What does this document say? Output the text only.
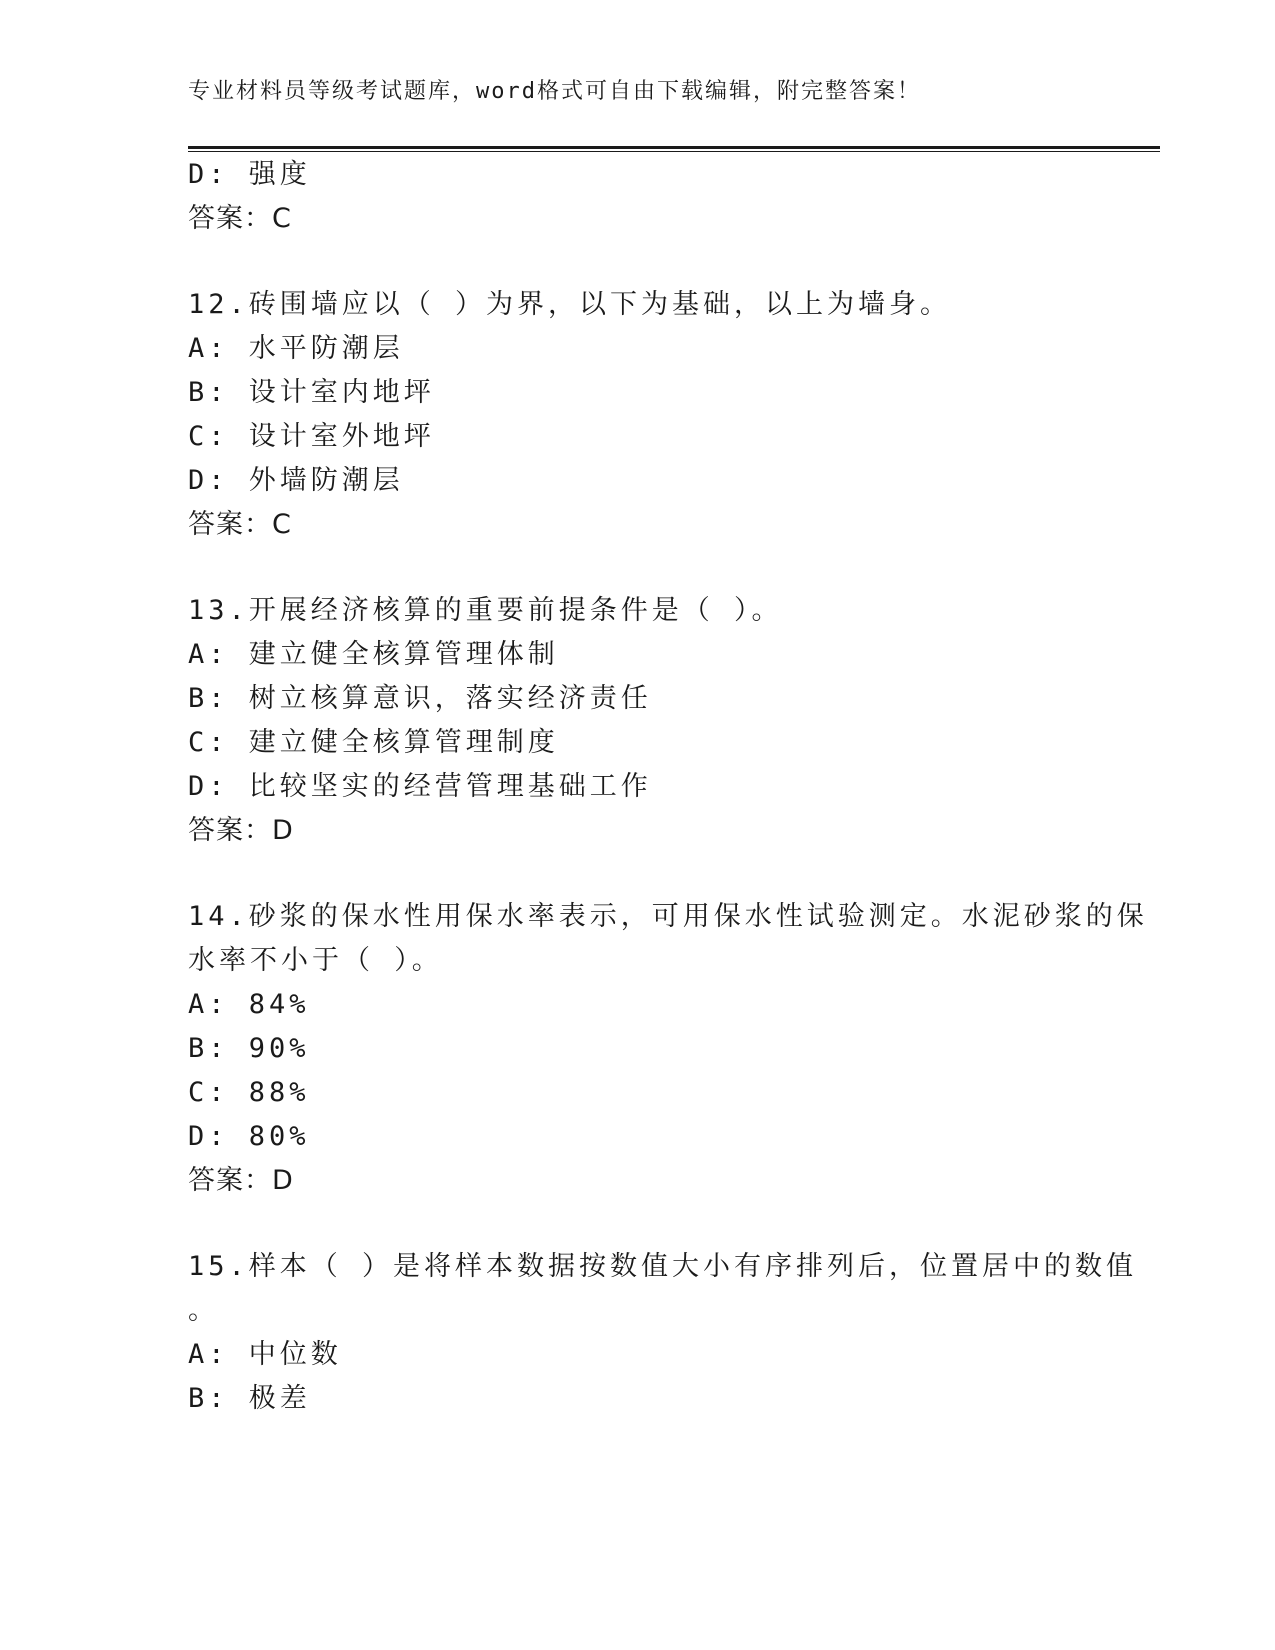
专业材料员等级考试题库，word格式可自由下载编辑，附完整答案！
D: 强度
答案：C
12.砖围墙应以（ ）为界，以下为基础，以上为墙身。
A: 水平防潮层
B: 设计室内地坪
C: 设计室外地坪
D: 外墙防潮层
答案：C
13.开展经济核算的重要前提条件是（ ）。
A: 建立健全核算管理体制
B: 树立核算意识，落实经济责任
C: 建立健全核算管理制度
D: 比较坚实的经营管理基础工作
答案：D
14.砂浆的保水性用保水率表示，可用保水性试验测定。水泥砂浆的保
水率不小于（ ）。
A: 84%
B: 90%
C: 88%
D: 80%
答案：D
15.样本（ ）是将样本数据按数值大小有序排列后，位置居中的数值
。
A: 中位数
B: 极差
